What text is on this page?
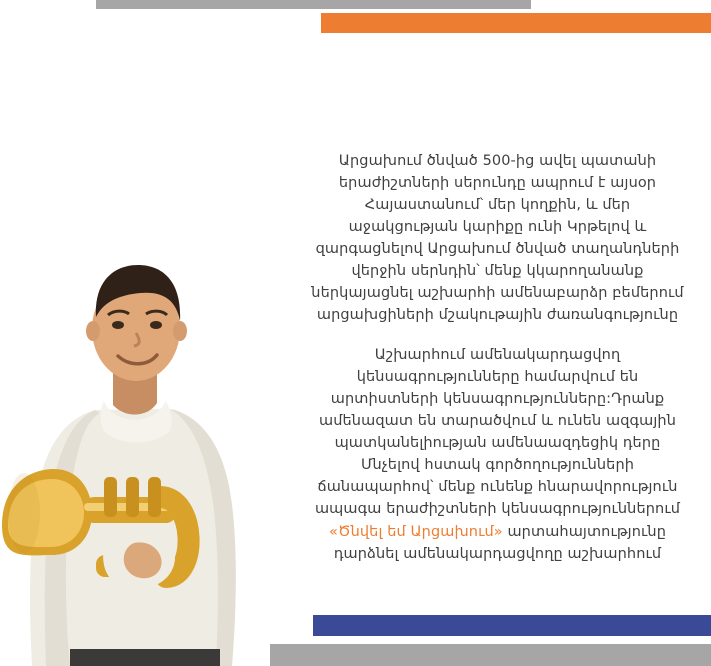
Արցախում ծնված 500-ից ավել պատանի երաժիշտների սերունդը ապրում է այսօր Հայաստանում՝ մեր կողքին, և մեր աջակցության կարիքը ունի Կրթելով և զարգացնելով Արցախում ծնված տաղանդների վերջին սերնդին՝ մենք կկարողանանք ներկայացնել աշխարհի ամենաբարձր բեմերում արցախցիների մշակութային ժառանգությունը

Աշխարհում ամենակարդացվող կենսագրությունները համարվում են արտիստների կենսագրությունները:Դրանք ամենազատ են տարածվում և ունեն ազգային պատկանելիության ամենաազդեցիկ դերը Մնչելով հստակ գործողությունների ճանապարհով՝ մենք ունենք հնարավորություն ապագա երաժիշտների կենսագրություններում «Ծնվել եմ Արցախում» արտահայտությունը դարձնել ամենակարդացվողը աշխարհում
